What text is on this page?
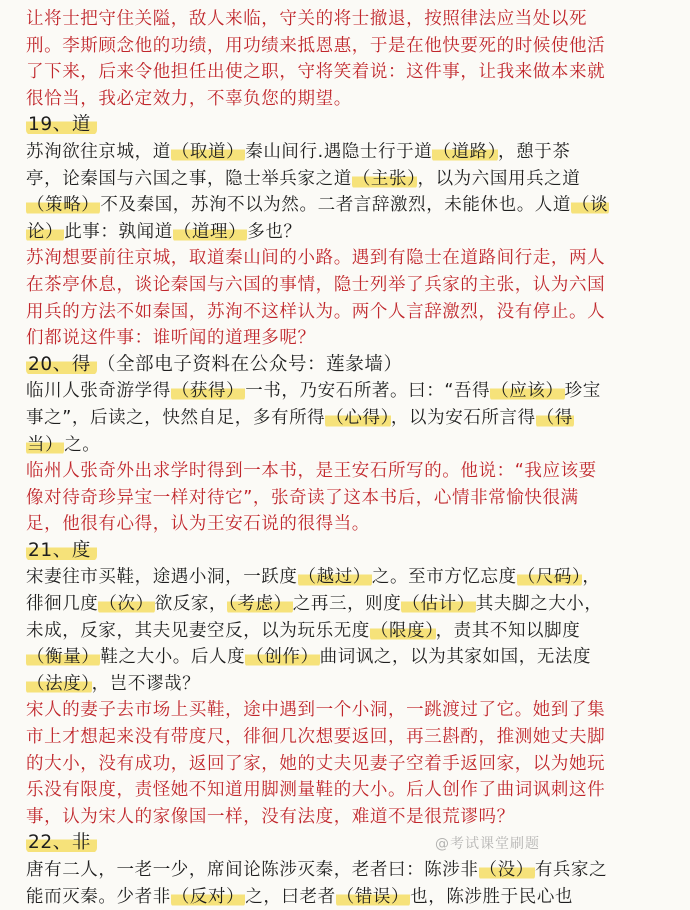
让将士把守住关隘，敌人来临，守关的将士撤退，按照律法应当处以死
刑。李斯顾念他的功绩，用功绩来抵恩惠，于是在他快要死的时候使他活
了下来，后来令他担任出使之职，守将笑着说：这件事，让我来做本来就
很恰当，我必定效力，不辜负您的期望。
19、道
苏洵欲往京城，道（取道）秦山间行.遇隐士行于道（道路），憩于茶
亭，论秦国与六国之事，隐士举兵家之道（主张），以为六国用兵之道
（策略）不及秦国，苏洵不以为然。二者言辞激烈，未能休也。人道（谈
论）此事：孰闻道（道理）多也？
苏洵想要前往京城，取道秦山间的小路。遇到有隐士在道路间行走，两人
在茶亭休息，谈论秦国与六国的事情，隐士列举了兵家的主张，认为六国
用兵的方法不如秦国，苏洵不这样认为。两个人言辞激烈，没有停止。人
们都说这件事：谁听闻的道理多呢？
20、得 （全部电子资料在公众号：莲彖墙）
临川人张奇游学得（获得）一书，乃安石所著。曰：“吾得（应该）珍宝
事之”，后读之，快然自足，多有所得（心得），以为安石所言得（得
当）之。
临州人张奇外出求学时得到一本书，是王安石所写的。他说：“我应该要
像对待奇珍异宝一样对待它”，张奇读了这本书后，心情非常愉快很满
足，他很有心得，认为王安石说的很得当。
21、度
宋妻往市买鞋，途遇小洞，一跃度（越过）之。至市方忆忘度（尺码），
徘徊几度（次）欲反家，（考虑）之再三，则度（估计）其夫脚之大小，
未成，反家，其夫见妻空反，以为玩乐无度（限度），责其不知以脚度
（衡量）鞋之大小。后人度（创作）曲词讽之，以为其家如国，无法度
（法度），岂不谬哉？
宋人的妻子去市场上买鞋，途中遇到一个小洞，一跳渡过了它。她到了集
市上才想起来没有带度尺，徘徊几次想要返回，再三斟酌，推测她丈夫脚
的大小，没有成功，返回了家，她的丈夫见妻子空着手返回家，以为她玩
乐没有限度，责怪她不知道用脚测量鞋的大小。后人创作了曲词讽刺这件
事，认为宋人的家像国一样，没有法度，难道不是很荒谬吗？
22、非
唐有二人，一老一少，席间论陈涉灭秦，老者曰：陈涉非（没）有兵家之
能而灭秦。少者非（反对）之，曰老者（错误）也，陈涉胜于民心也
@考试课堂刷题
